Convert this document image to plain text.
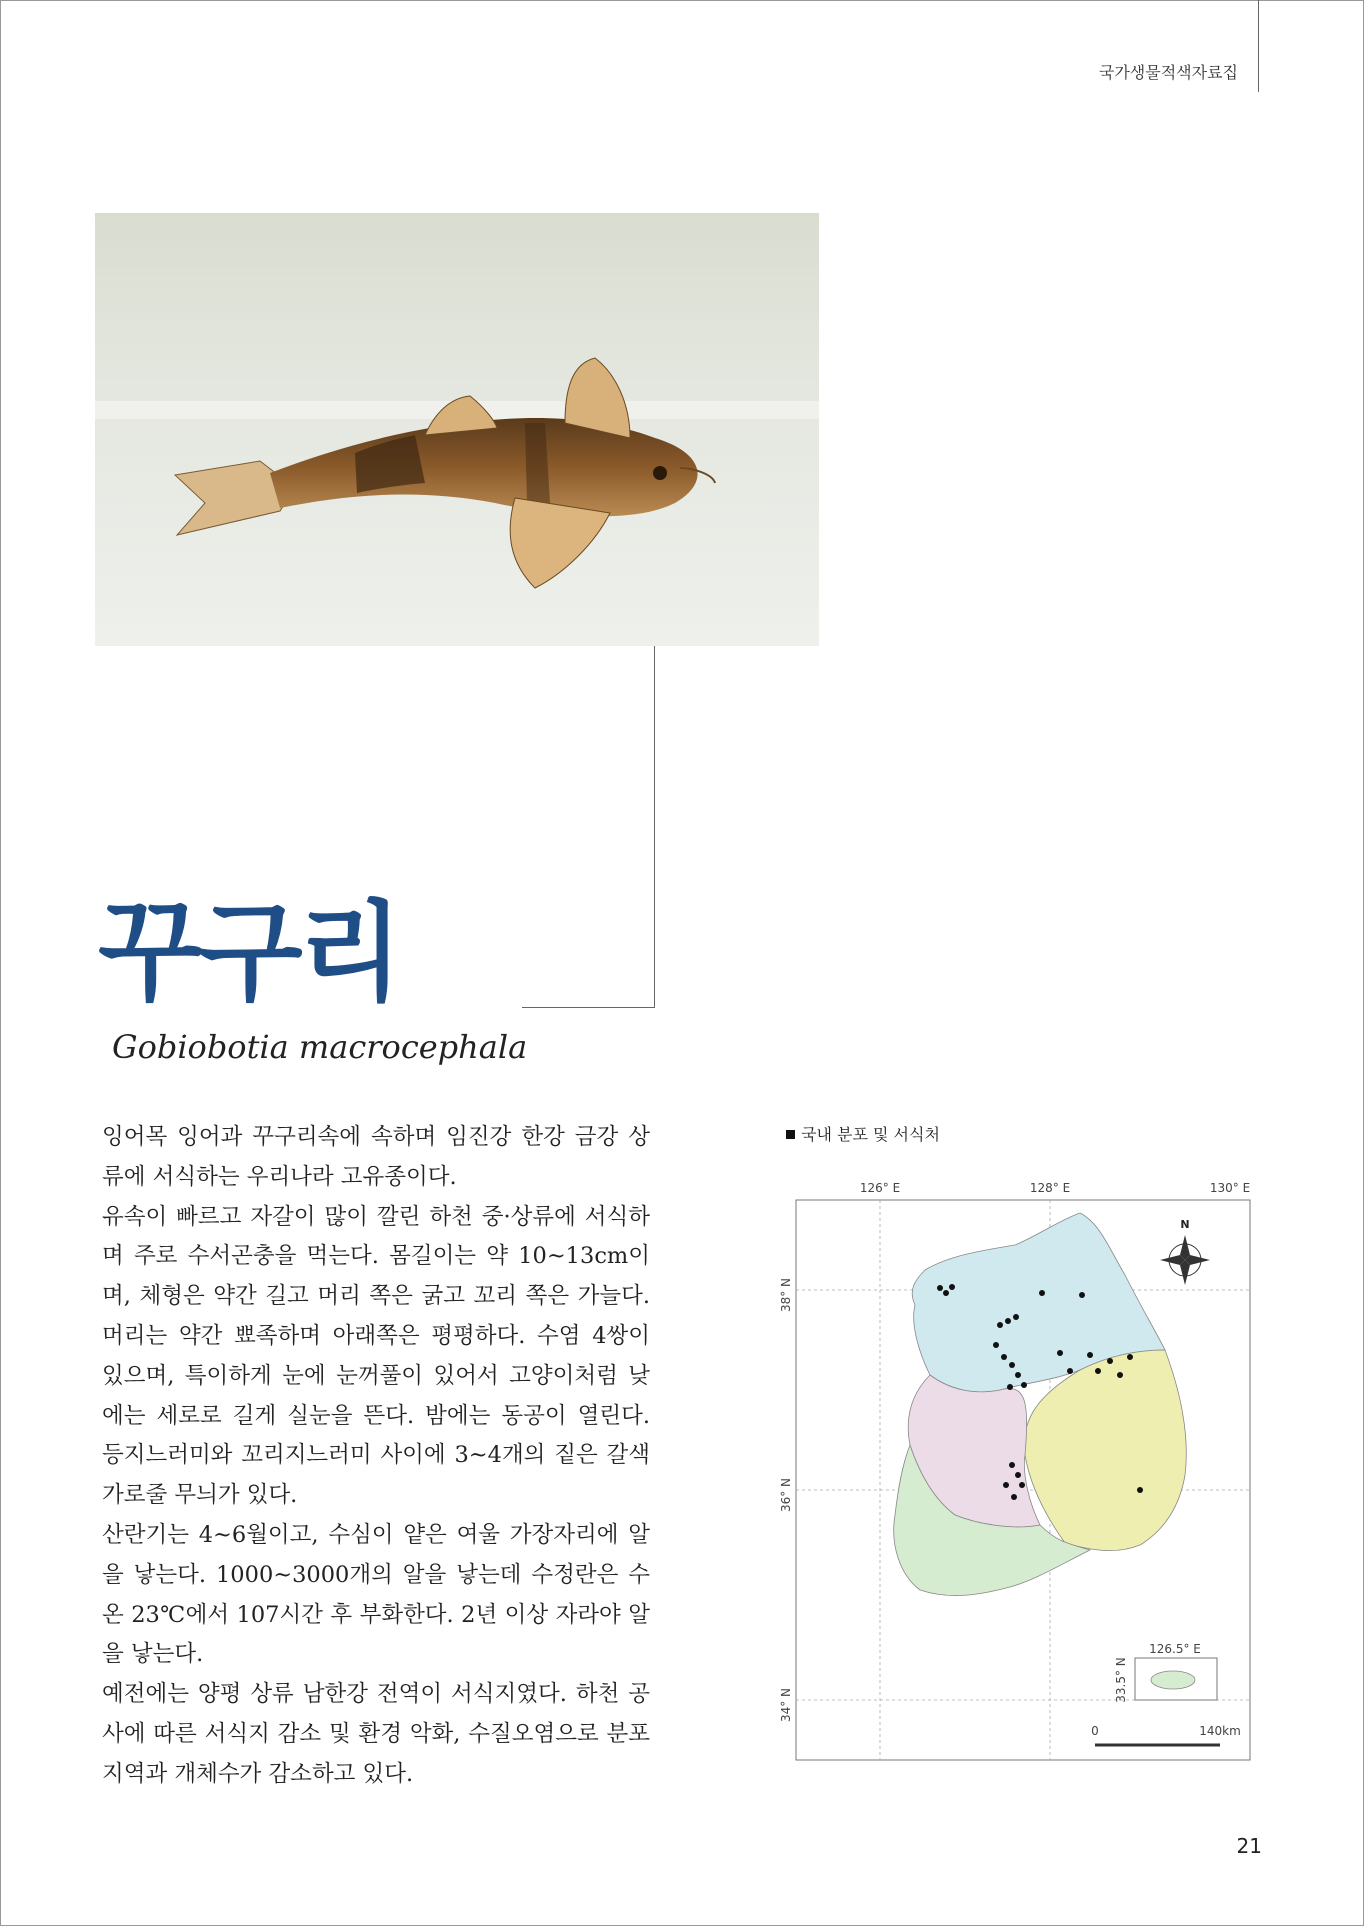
국가생물적색자료집
꾸구리
Gobiobotia macrocephala

잉어목 잉어과 꾸구리속에 속하며 임진강 한강 금강 상류에 서식하는 우리나라 고유종이다.

유속이 빠르고 자갈이 많이 깔린 하천 중·상류에 서식하며 주로 수서곤충을 먹는다. 몸길이는 약 10~13cm이며, 체형은 약간 길고 머리 쪽은 굵고 꼬리 쪽은 가늘다. 머리는 약간 뾰족하며 아래쪽은 평평하다. 수염 4쌍이 있으며, 특이하게 눈에 눈꺼풀이 있어서 고양이처럼 낮에는 세로로 길게 실눈을 뜬다. 밤에는 동공이 열린다. 등지느러미와 꼬리지느러미 사이에 3~4개의 짙은 갈색 가로줄 무늬가 있다.

산란기는 4~6월이고, 수심이 얕은 여울 가장자리에 알을 낳는다. 1000~3000개의 알을 낳는데 수정란은 수온 23℃에서 107시간 후 부화한다. 2년 이상 자라야 알을 낳는다.

예전에는 양평 상류 남한강 전역이 서식지였다. 하천 공사에 따른 서식지 감소 및 환경 악화, 수질오염으로 분포지역과 개체수가 감소하고 있다.

국내 분포 및 서식처
126° E	128° E	130° E
38° N
36° N
34° N
N
126.5° E
33.5° N
0	140km
21
